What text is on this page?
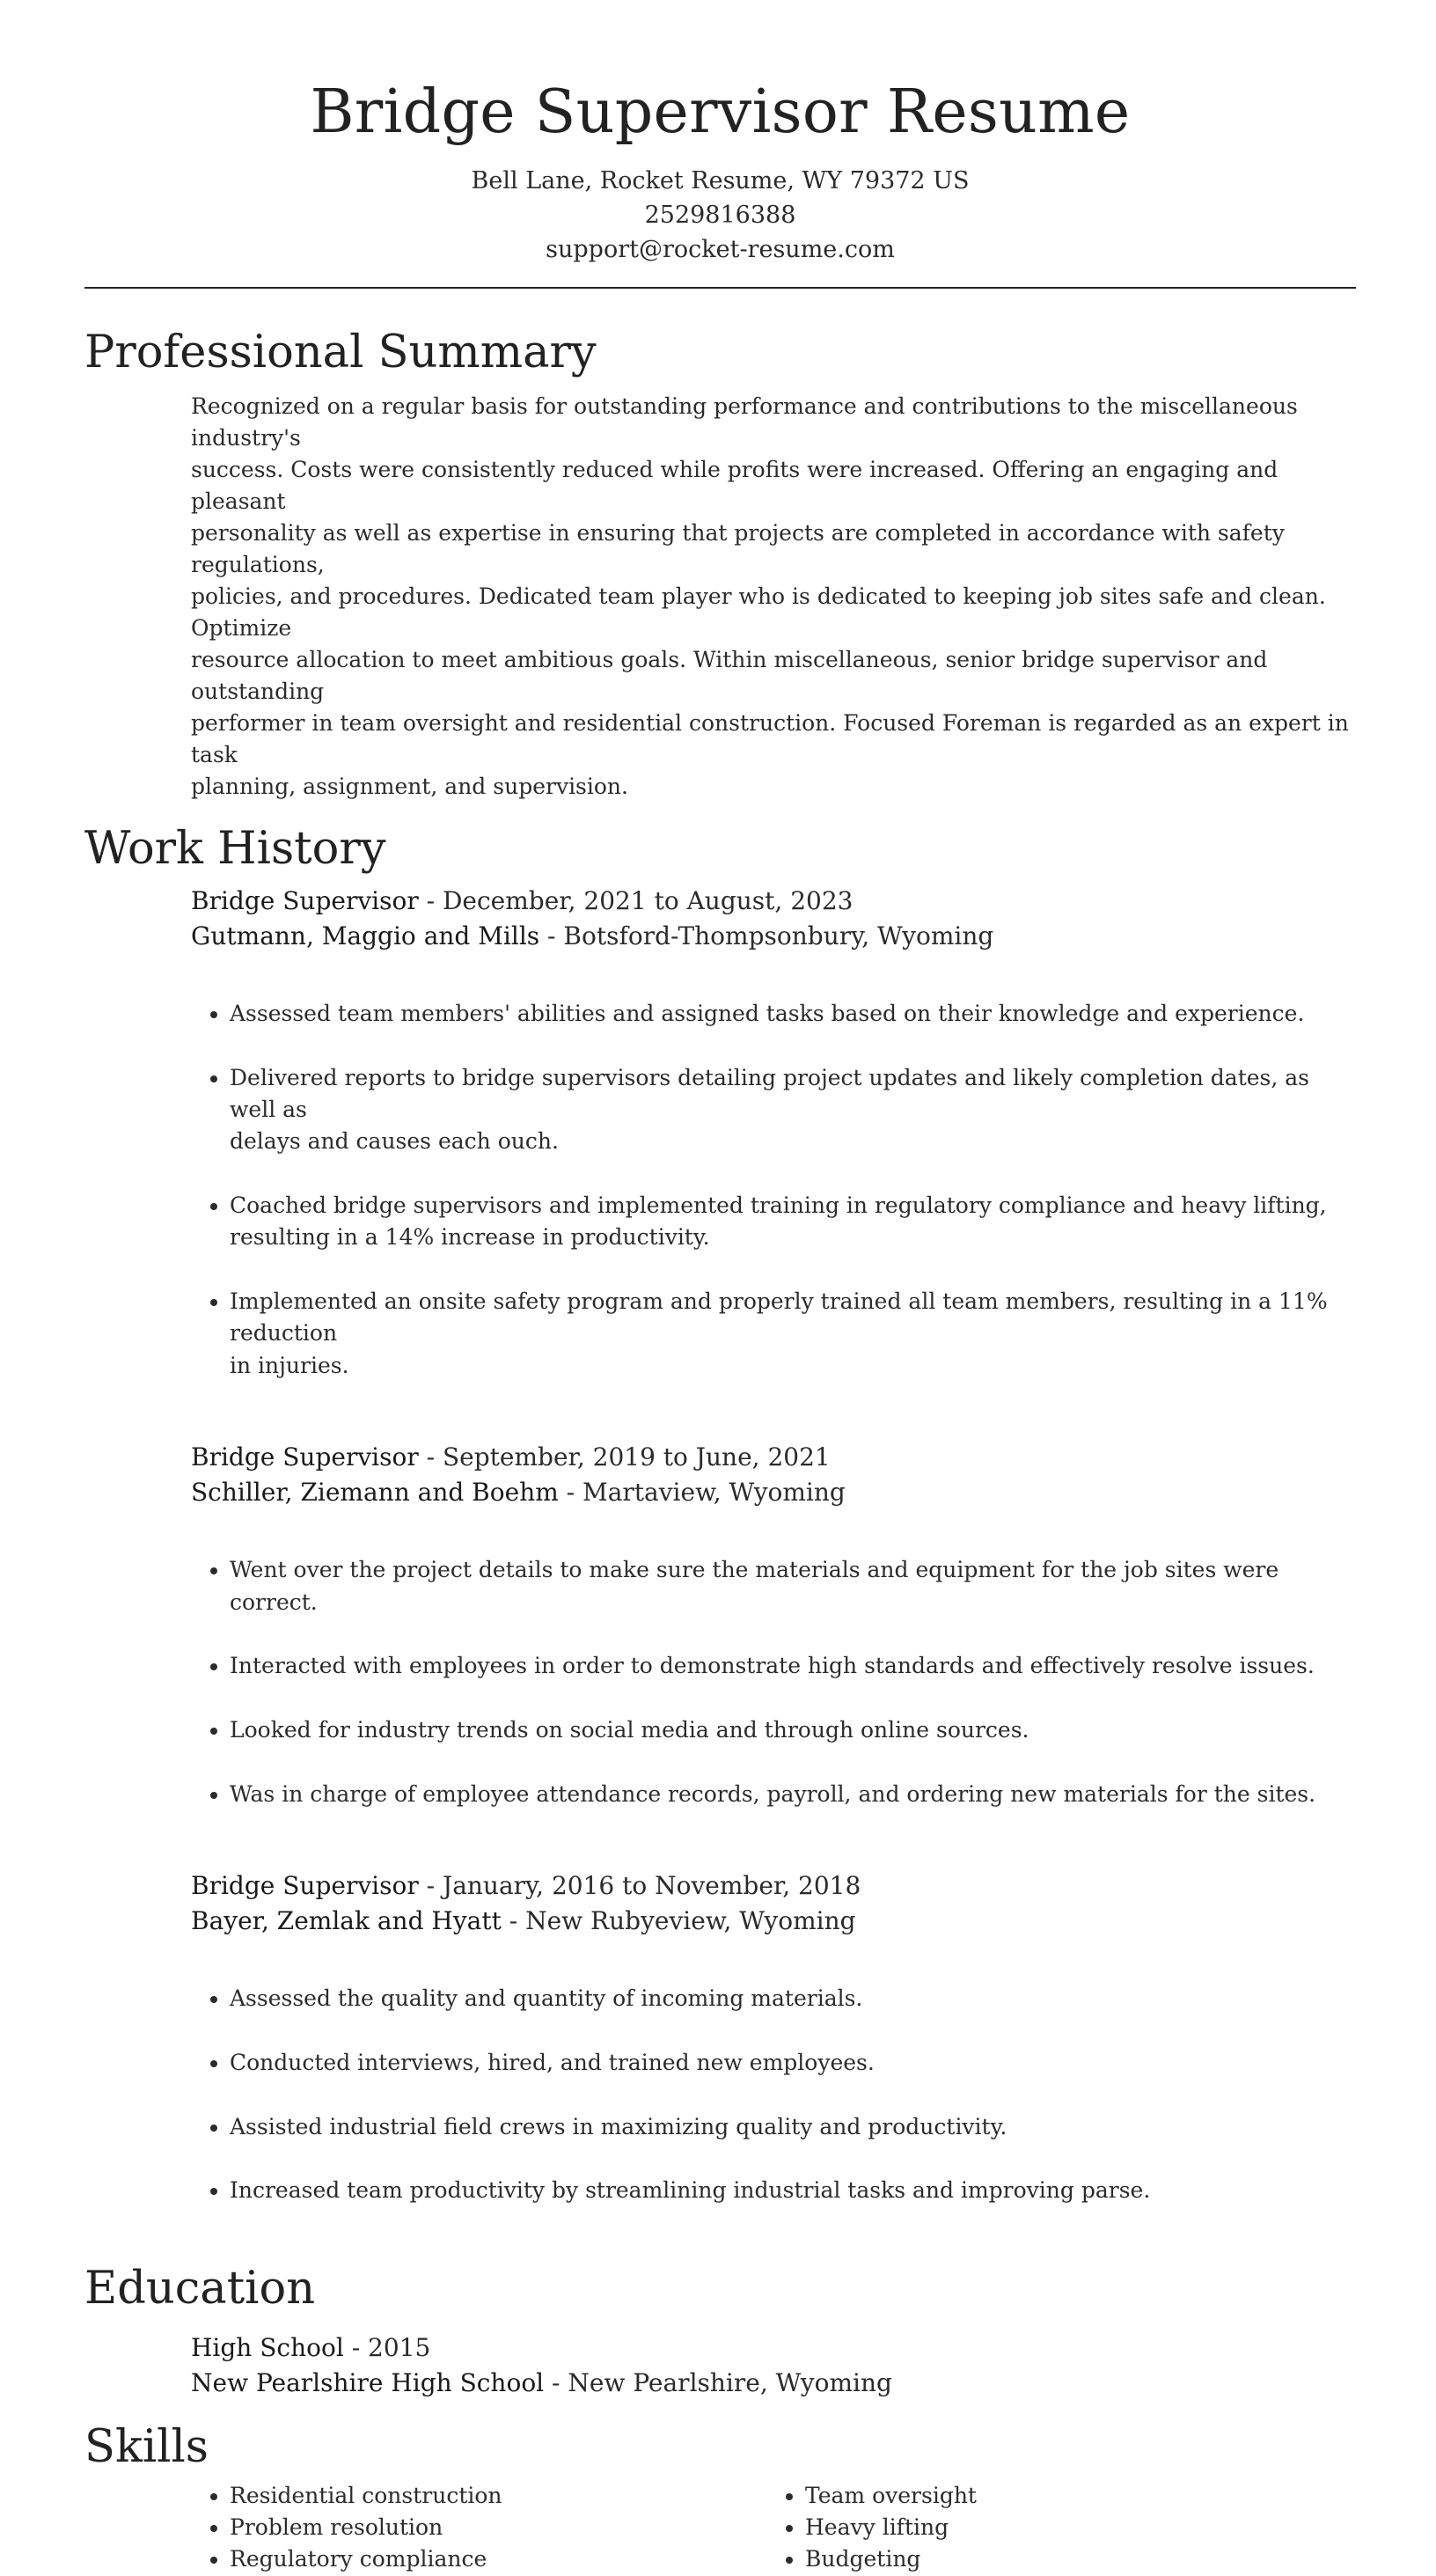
Bridge Supervisor Resume
Bell Lane, Rocket Resume, WY 79372 US
2529816388
support@rocket-resume.com
Professional Summary
Recognized on a regular basis for outstanding performance and contributions to the miscellaneous industry's
success. Costs were consistently reduced while profits were increased. Offering an engaging and pleasant
personality as well as expertise in ensuring that projects are completed in accordance with safety regulations,
policies, and procedures. Dedicated team player who is dedicated to keeping job sites safe and clean. Optimize
resource allocation to meet ambitious goals. Within miscellaneous, senior bridge supervisor and outstanding
performer in team oversight and residential construction. Focused Foreman is regarded as an expert in task
planning, assignment, and supervision.
Work History
Bridge Supervisor - December, 2021 to August, 2023
Gutmann, Maggio and Mills - Botsford-Thompsonbury, Wyoming

• Assessed team members' abilities and assigned tasks based on their knowledge and experience.

• Delivered reports to bridge supervisors detailing project updates and likely completion dates, as well as
delays and causes each ouch.

• Coached bridge supervisors and implemented training in regulatory compliance and heavy lifting,
resulting in a 14% increase in productivity.

• Implemented an onsite safety program and properly trained all team members, resulting in a 11% reduction
in injuries.

Bridge Supervisor - September, 2019 to June, 2021
Schiller, Ziemann and Boehm - Martaview, Wyoming

• Went over the project details to make sure the materials and equipment for the job sites were correct.

• Interacted with employees in order to demonstrate high standards and effectively resolve issues.

• Looked for industry trends on social media and through online sources.

• Was in charge of employee attendance records, payroll, and ordering new materials for the sites.

Bridge Supervisor - January, 2016 to November, 2018
Bayer, Zemlak and Hyatt - New Rubyeview, Wyoming

• Assessed the quality and quantity of incoming materials.

• Conducted interviews, hired, and trained new employees.

• Assisted industrial field crews in maximizing quality and productivity.

• Increased team productivity by streamlining industrial tasks and improving parse.

Education
High School - 2015
New Pearlshire High School - New Pearlshire, Wyoming
Skills
• Residential construction
• Problem resolution
• Regulatory compliance
• Team oversight
• Heavy lifting
• Budgeting
